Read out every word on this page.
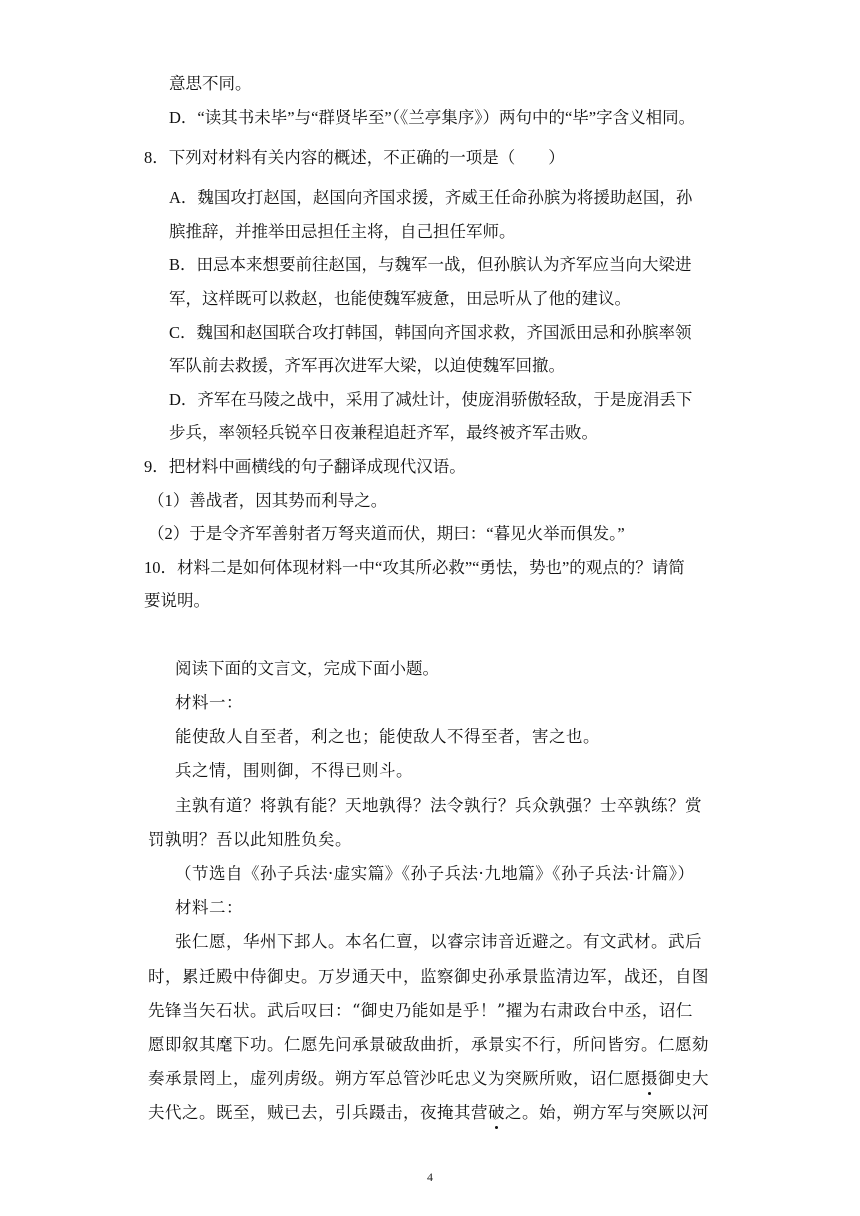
意思不同。
D．“读其书未毕”与“群贤毕至”（《兰亭集序》）两句中的“毕”字含义相同。
8．下列对材料有关内容的概述，不正确的一项是（　　）
A．魏国攻打赵国，赵国向齐国求援，齐威王任命孙膑为将援助赵国，孙
膑推辞，并推举田忌担任主将，自己担任军师。
B．田忌本来想要前往赵国，与魏军一战，但孙膑认为齐军应当向大梁进
军，这样既可以救赵，也能使魏军疲惫，田忌听从了他的建议。
C．魏国和赵国联合攻打韩国，韩国向齐国求救，齐国派田忌和孙膑率领
军队前去救援，齐军再次进军大梁，以迫使魏军回撤。
D．齐军在马陵之战中，采用了减灶计，使庞涓骄傲轻敌，于是庞涓丢下
步兵，率领轻兵锐卒日夜兼程追赶齐军，最终被齐军击败。
9．把材料中画横线的句子翻译成现代汉语。
（1）善战者，因其势而利导之。
（2）于是令齐军善射者万弩夹道而伏，期曰：“暮见火举而俱发。”
10．材料二是如何体现材料一中“攻其所必救”“勇怯，势也”的观点的？请简
要说明。
阅读下面的文言文，完成下面小题。
材料一：
能使敌人自至者，利之也；能使敌人不得至者，害之也。
兵之情，围则御，不得已则斗。
主孰有道？将孰有能？天地孰得？法令孰行？兵众孰强？士卒孰练？赏
罚孰明？吾以此知胜负矣。
（节选自《孙子兵法·虚实篇》《孙子兵法·九地篇》《孙子兵法·计篇》）
材料二：
张仁愿，华州下邽人。本名仁亶，以睿宗讳音近避之。有文武材。武后
时，累迁殿中侍御史。万岁通天中，监察御史孙承景监清边军，战还，自图
先锋当矢石状。武后叹曰：“御史乃能如是乎！”擢为右肃政台中丞，诏仁
愿即叙其麾下功。仁愿先问承景破敌曲折，承景实不行，所问皆穷。仁愿劾
奏承景罔上，虚列虏级。朔方军总管沙吒忠义为突厥所败，诏仁愿摄御史大
夫代之。既至，贼已去，引兵蹑击，夜掩其营破之。始，朔方军与突厥以河
4
